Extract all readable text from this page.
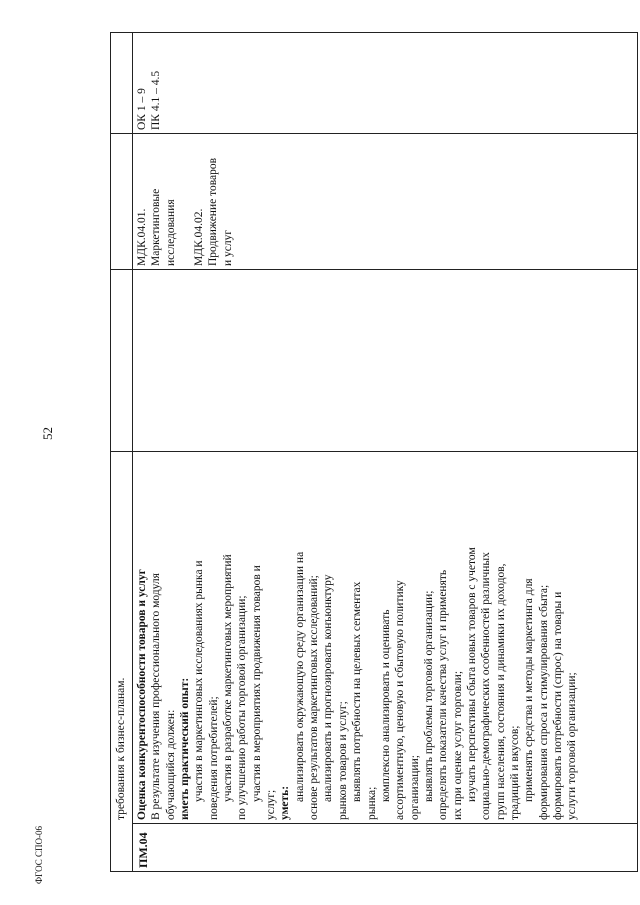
52
ФГОС СПО-06
требования к бизнес-планам.
ПМ.04
Оценка конкурентоспособности товаров и услуг В результате изучения профессионального модуля обучающийся должен: иметь практический опыт: участия в маркетинговых исследованиях рынка и поведения потребителей; участия в разработке маркетинговых мероприятий по улучшению работы торговой организации; участия в мероприятиях продвижения товаров и
услуг; уметь:
анализировать окружающую среду организации на основе результатов маркетинговых исследований; анализировать и прогнозировать конъюнктуру рынков товаров и услуг; выявлять потребности на целевых сегментах
рынка;
комплексно анализировать и оценивать ассортиментную, ценовую и сбытовую политику организации; выявлять проблемы торговой организации; определять показатели качества услуг и применять их при оценке услуг торговли; изучать перспективы сбыта новых товаров с учетом социально-демографических особенностей различных групп населения, состояния и динамики их доходов, традиций и вкусов; применять средства и методы маркетинга для формирования спроса и стимулирования сбыта; формировать потребности (спрос) на товары и услуги торговой организации;
МДК.04.01. Маркетинговые исследования МДК.04.02. Продвижение товаров и услуг
ОК 1 – 9 ПК 4.1 – 4.5
